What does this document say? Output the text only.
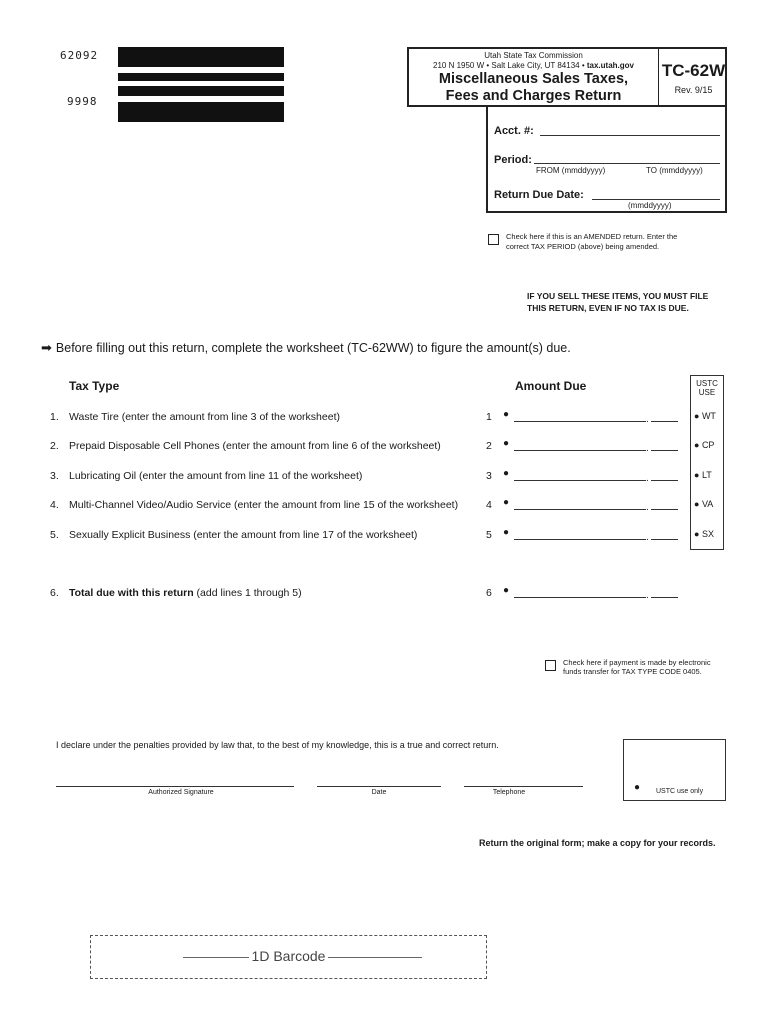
62092
9998
Utah State Tax Commission
210 N 1950 W • Salt Lake City, UT 84134 • tax.utah.gov
Miscellaneous Sales Taxes,
Fees and Charges Return
TC-62W
Rev. 9/15
Acct. #:
Period:
FROM (mmddyyyy)	TO (mmddyyyy)
Return Due Date:
(mmddyyyy)
Check here if this is an AMENDED return. Enter the
correct TAX PERIOD (above) being amended.
IF YOU SELL THESE ITEMS, YOU MUST FILE
THIS RETURN, EVEN IF NO TAX IS DUE.
➡ Before filling out this return, complete the worksheet (TC-62WW) to figure the amount(s) due.
Tax Type	Amount Due	USTC
USE
1. Waste Tire (enter the amount from line 3 of the worksheet)	1 ●	.	● WT
2. Prepaid Disposable Cell Phones (enter the amount from line 6 of the worksheet)	2 ●	.	● CP
3. Lubricating Oil (enter the amount from line 11 of the worksheet)	3 ●	.	● LT
4. Multi-Channel Video/Audio Service (enter the amount from line 15 of the worksheet)	4 ●	.	● VA
5. Sexually Explicit Business (enter the amount from line 17 of the worksheet)	5 ●	.	● SX
6. Total due with this return (add lines 1 through 5)	6 ●	.
Check here if payment is made by electronic
funds transfer for TAX TYPE CODE 0405.
I declare under the penalties provided by law that, to the best of my knowledge, this is a true and correct return.
Authorized Signature	Date	Telephone	● USTC use only
Return the original form; make a copy for your records.
1D Barcode
